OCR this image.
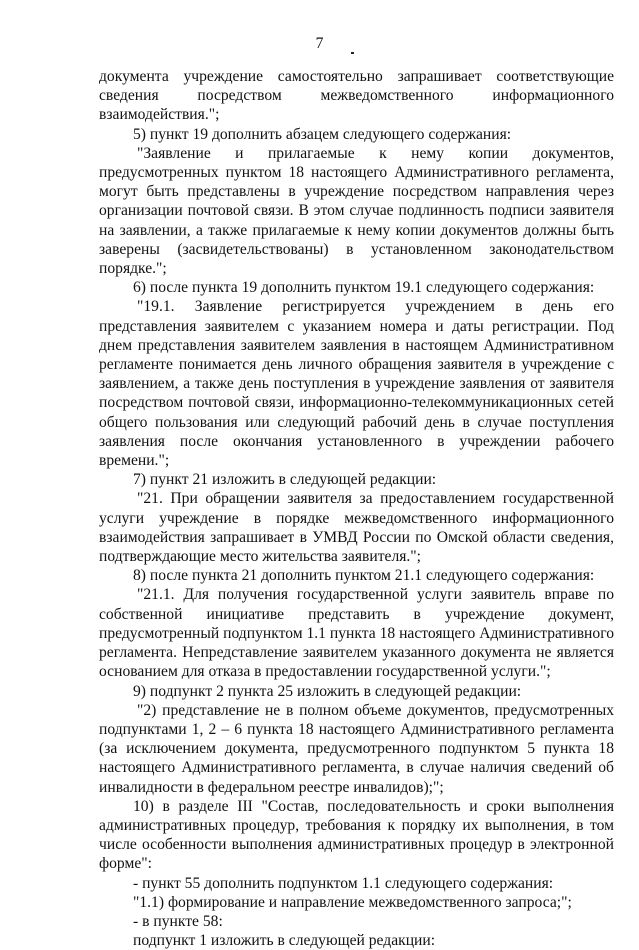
7

документа учреждение самостоятельно запрашивает соответствующие сведения посредством межведомственного информационного взаимодействия.";

5) пункт 19 дополнить абзацем следующего содержания:

"Заявление и прилагаемые к нему копии документов, предусмотренных пунктом 18 настоящего Административного регламента, могут быть представлены в учреждение посредством направления через организации почтовой связи. В этом случае подлинность подписи заявителя на заявлении, а также прилагаемые к нему копии документов должны быть заверены (засвидетельствованы) в установленном законодательством порядке.";

6) после пункта 19 дополнить пунктом 19.1 следующего содержания:

"19.1. Заявление регистрируется учреждением в день его представления заявителем с указанием номера и даты регистрации. Под днем представления заявителем заявления в настоящем Административном регламенте понимается день личного обращения заявителя в учреждение с заявлением, а также день поступления в учреждение заявления от заявителя посредством почтовой связи, информационно-телекоммуникационных сетей общего пользования или следующий рабочий день в случае поступления заявления после окончания установленного в учреждении рабочего времени.";

7) пункт 21 изложить в следующей редакции:

"21. При обращении заявителя за предоставлением государственной услуги учреждение в порядке межведомственного информационного взаимодействия запрашивает в УМВД России по Омской области сведения, подтверждающие место жительства заявителя.";

8) после пункта 21 дополнить пунктом 21.1 следующего содержания:

"21.1. Для получения государственной услуги заявитель вправе по собственной инициативе представить в учреждение документ, предусмотренный подпунктом 1.1 пункта 18 настоящего Административного регламента. Непредставление заявителем указанного документа не является основанием для отказа в предоставлении государственной услуги.";

9) подпункт 2 пункта 25 изложить в следующей редакции:

"2) представление не в полном объеме документов, предусмотренных подпунктами 1, 2 – 6 пункта 18 настоящего Административного регламента (за исключением документа, предусмотренного подпунктом 5 пункта 18 настоящего Административного регламента, в случае наличия сведений об инвалидности в федеральном реестре инвалидов);";

10) в разделе III "Состав, последовательность и сроки выполнения административных процедур, требования к порядку их выполнения, в том числе особенности выполнения административных процедур в электронной форме":

- пункт 55 дополнить подпунктом 1.1 следующего содержания:

"1.1) формирование и направление межведомственного запроса;";

- в пункте 58:

подпункт 1 изложить в следующей редакции:
